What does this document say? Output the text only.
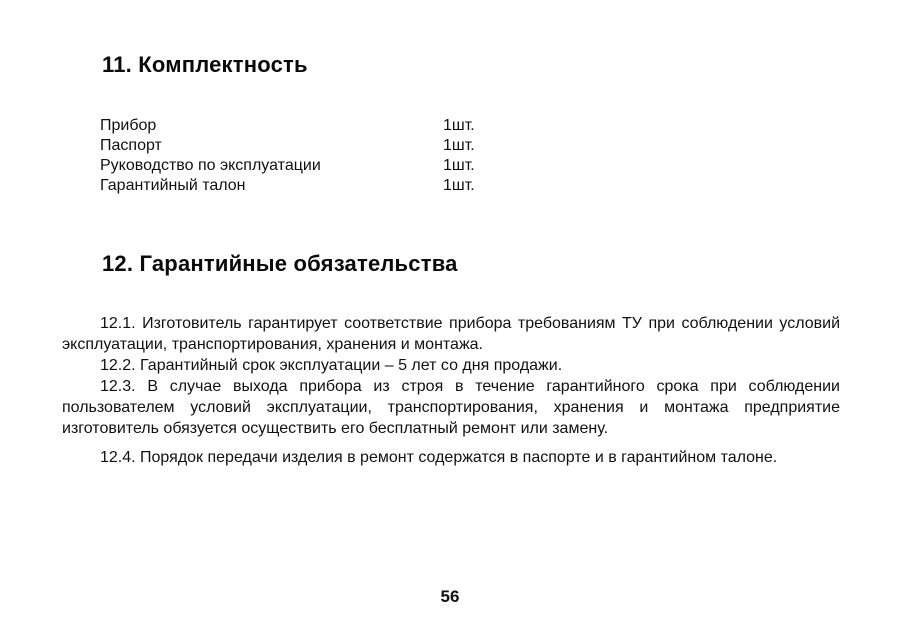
11. Комплектность
Прибор	1шт.
Паспорт	1шт.
Руководство по эксплуатации	1шт.
Гарантийный талон	1шт.
12. Гарантийные обязательства

12.1. Изготовитель гарантирует соответствие прибора требованиям ТУ при соблюдении условий эксплуатации, транспортирования, хранения и монтажа.

12.2. Гарантийный срок эксплуатации – 5 лет со дня продажи.

12.3. В случае выхода прибора из строя в течение гарантийного срока при соблюдении пользователем условий эксплуатации, транспортирования, хранения и монтажа предприятие изготовитель обязуется осуществить его бесплатный ремонт или замену.

12.4. Порядок передачи изделия в ремонт содержатся в паспорте и в гарантийном талоне.

56
